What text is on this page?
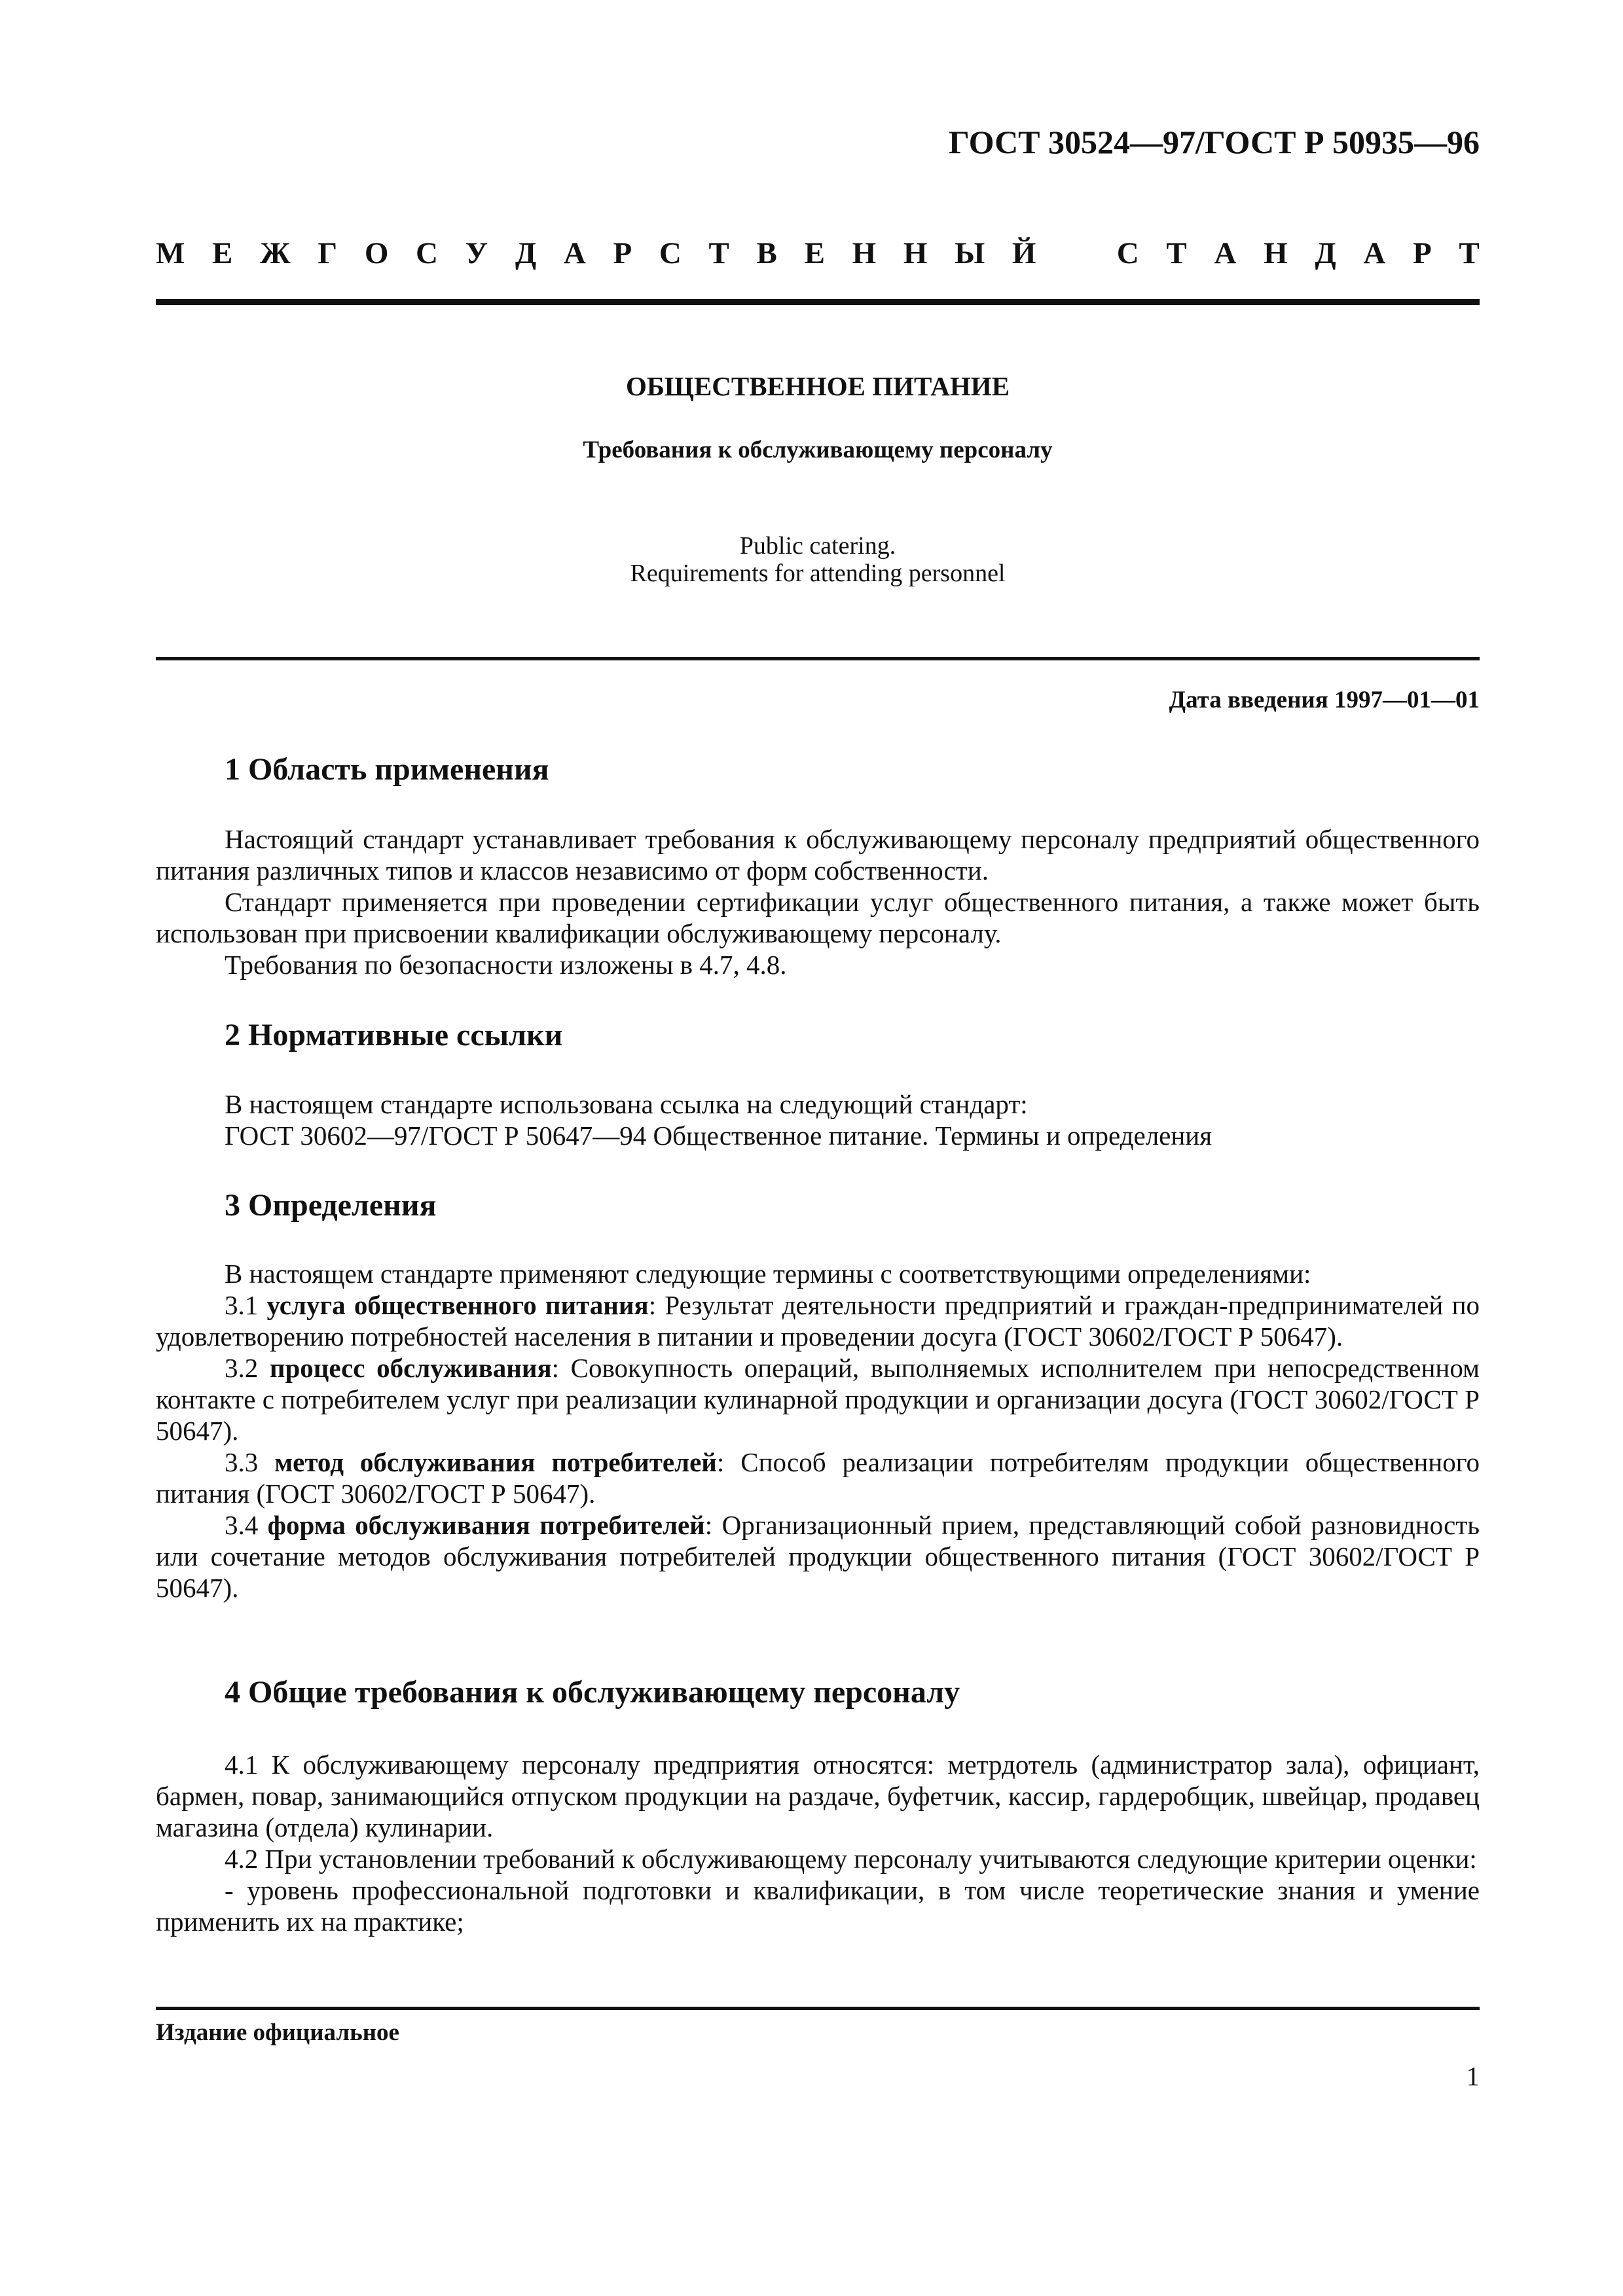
ГОСТ 30524—97/ГОСТ Р 50935—96
М Е Ж Г О С У Д А Р С Т В Е Н Н Ы Й	С Т А Н Д А Р Т
ОБЩЕСТВЕННОЕ ПИТАНИЕ
Требования к обслуживающему персоналу
Public catering.
Requirements for attending personnel
Дата введения 1997—01—01
1 Область применения
Настоящий стандарт устанавливает требования к обслуживающему персоналу предприятий общественного питания различных типов и классов независимо от форм собственности.
Стандарт применяется при проведении сертификации услуг общественного питания, а также может быть использован при присвоении квалификации обслуживающему персоналу.
Требования по безопасности изложены в 4.7, 4.8.
2 Нормативные ссылки
В настоящем стандарте использована ссылка на следующий стандарт:
ГОСТ 30602—97/ГОСТ Р 50647—94 Общественное питание. Термины и определения
3 Определения
В настоящем стандарте применяют следующие термины с соответствующими определениями:
3.1 услуга общественного питания: Результат деятельности предприятий и граждан-предпринимателей по удовлетворению потребностей населения в питании и проведении досуга (ГОСТ 30602/ГОСТ Р 50647).
3.2 процесс обслуживания: Совокупность операций, выполняемых исполнителем при непосредственном контакте с потребителем услуг при реализации кулинарной продукции и организации досуга (ГОСТ 30602/ГОСТ Р 50647).
3.3 метод обслуживания потребителей: Способ реализации потребителям продукции общественного питания (ГОСТ 30602/ГОСТ Р 50647).
3.4 форма обслуживания потребителей: Организационный прием, представляющий собой разновидность или сочетание методов обслуживания потребителей продукции общественного питания (ГОСТ 30602/ГОСТ Р 50647).
4 Общие требования к обслуживающему персоналу
4.1 К обслуживающему персоналу предприятия относятся: метрдотель (администратор зала), официант, бармен, повар, занимающийся отпуском продукции на раздаче, буфетчик, кассир, гардеробщик, швейцар, продавец магазина (отдела) кулинарии.
4.2 При установлении требований к обслуживающему персоналу учитываются следующие критерии оценки:
- уровень профессиональной подготовки и квалификации, в том числе теоретические знания и умение применить их на практике;
Издание официальное
1
